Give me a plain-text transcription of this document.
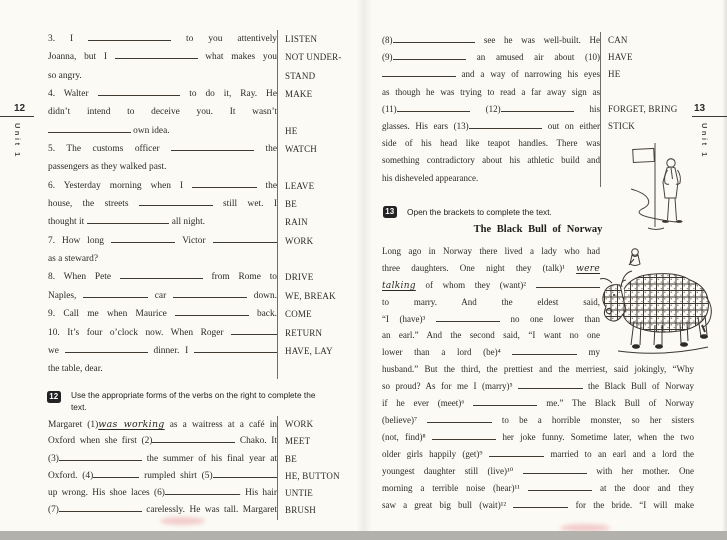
12
Unit 1
3. I	to you attentively LISTEN
Joanna, but I	what makes you NOT UNDER-
so angry.	STAND
4. Walter	to do it, Ray. He MAKE
didn’t intend to deceive you. It wasn’t
own idea.	HE
5. The customs officer	the WATCH
passengers as they walked past.
6. Yesterday morning when I	the LEAVE
house, the streets	still wet. I BE
thought it	all night.	RAIN
7. How long	Victor	WORK
as a steward?
8. When Pete	from Rome to DRIVE
Naples,	car	down. WE, BREAK
9. Call me when Maurice	back. COME
10. It’s four o’clock now. When Roger	RETURN
we	dinner. I	HAVE, LAY
the table, dear.
12 Use the appropriate forms of the verbs on the right to complete the
text.
Margaret (1)was working as a waitress at a café in WORK
Oxford when she first (2)	Chako. It MEET
(3)	the summer of his final year at BE
Oxford. (4)	rumpled shirt (5)	HE, BUTTON
up wrong. His shoe laces (6)	. His hair UNTIE
(7)	carelessly. He was tall. Margaret BRUSH
13
Unit 1
(8)	see he was well-built. He CAN
(9)	an amused air about (10) HAVE
and a way of narrowing his eyes HE
as though he was trying to read a far away sign as
(11)	(12)	his FORGET, BRING
glasses. His ears (13)	out on either STICK
side of his head like teapot handles. There was
something contradictory about his athletic build and
his disheveled appearance.
13 Open the brackets to complete the text.
The Black Bull of Norway
Long ago in Norway there lived a lady who had
three daughters. One night they (talk)¹ were
talking of whom they (want)²
to marry. And the eldest said,
“I (have)³	no one lower than
an earl.” And the second said, “I want no one
lower than a lord (be)⁴	my
husband.” But the third, the prettiest and the merriest, said jokingly, “Why
so proud? As for me I (marry)⁵	the Black Bull of Norway
if he ever (meet)⁶	me.” The Black Bull of Norway
(believe)⁷	to be a horrible monster, so her sisters
(not, find)⁸	her joke funny. Sometime later, when the two
older girls happily (get)⁹	married to an earl and a lord the
youngest daughter still (live)¹⁰	with her mother. One
morning a terrible noise (hear)¹¹	at the door and they
saw a great big bull (wait)¹²	for the bride. “I will make
